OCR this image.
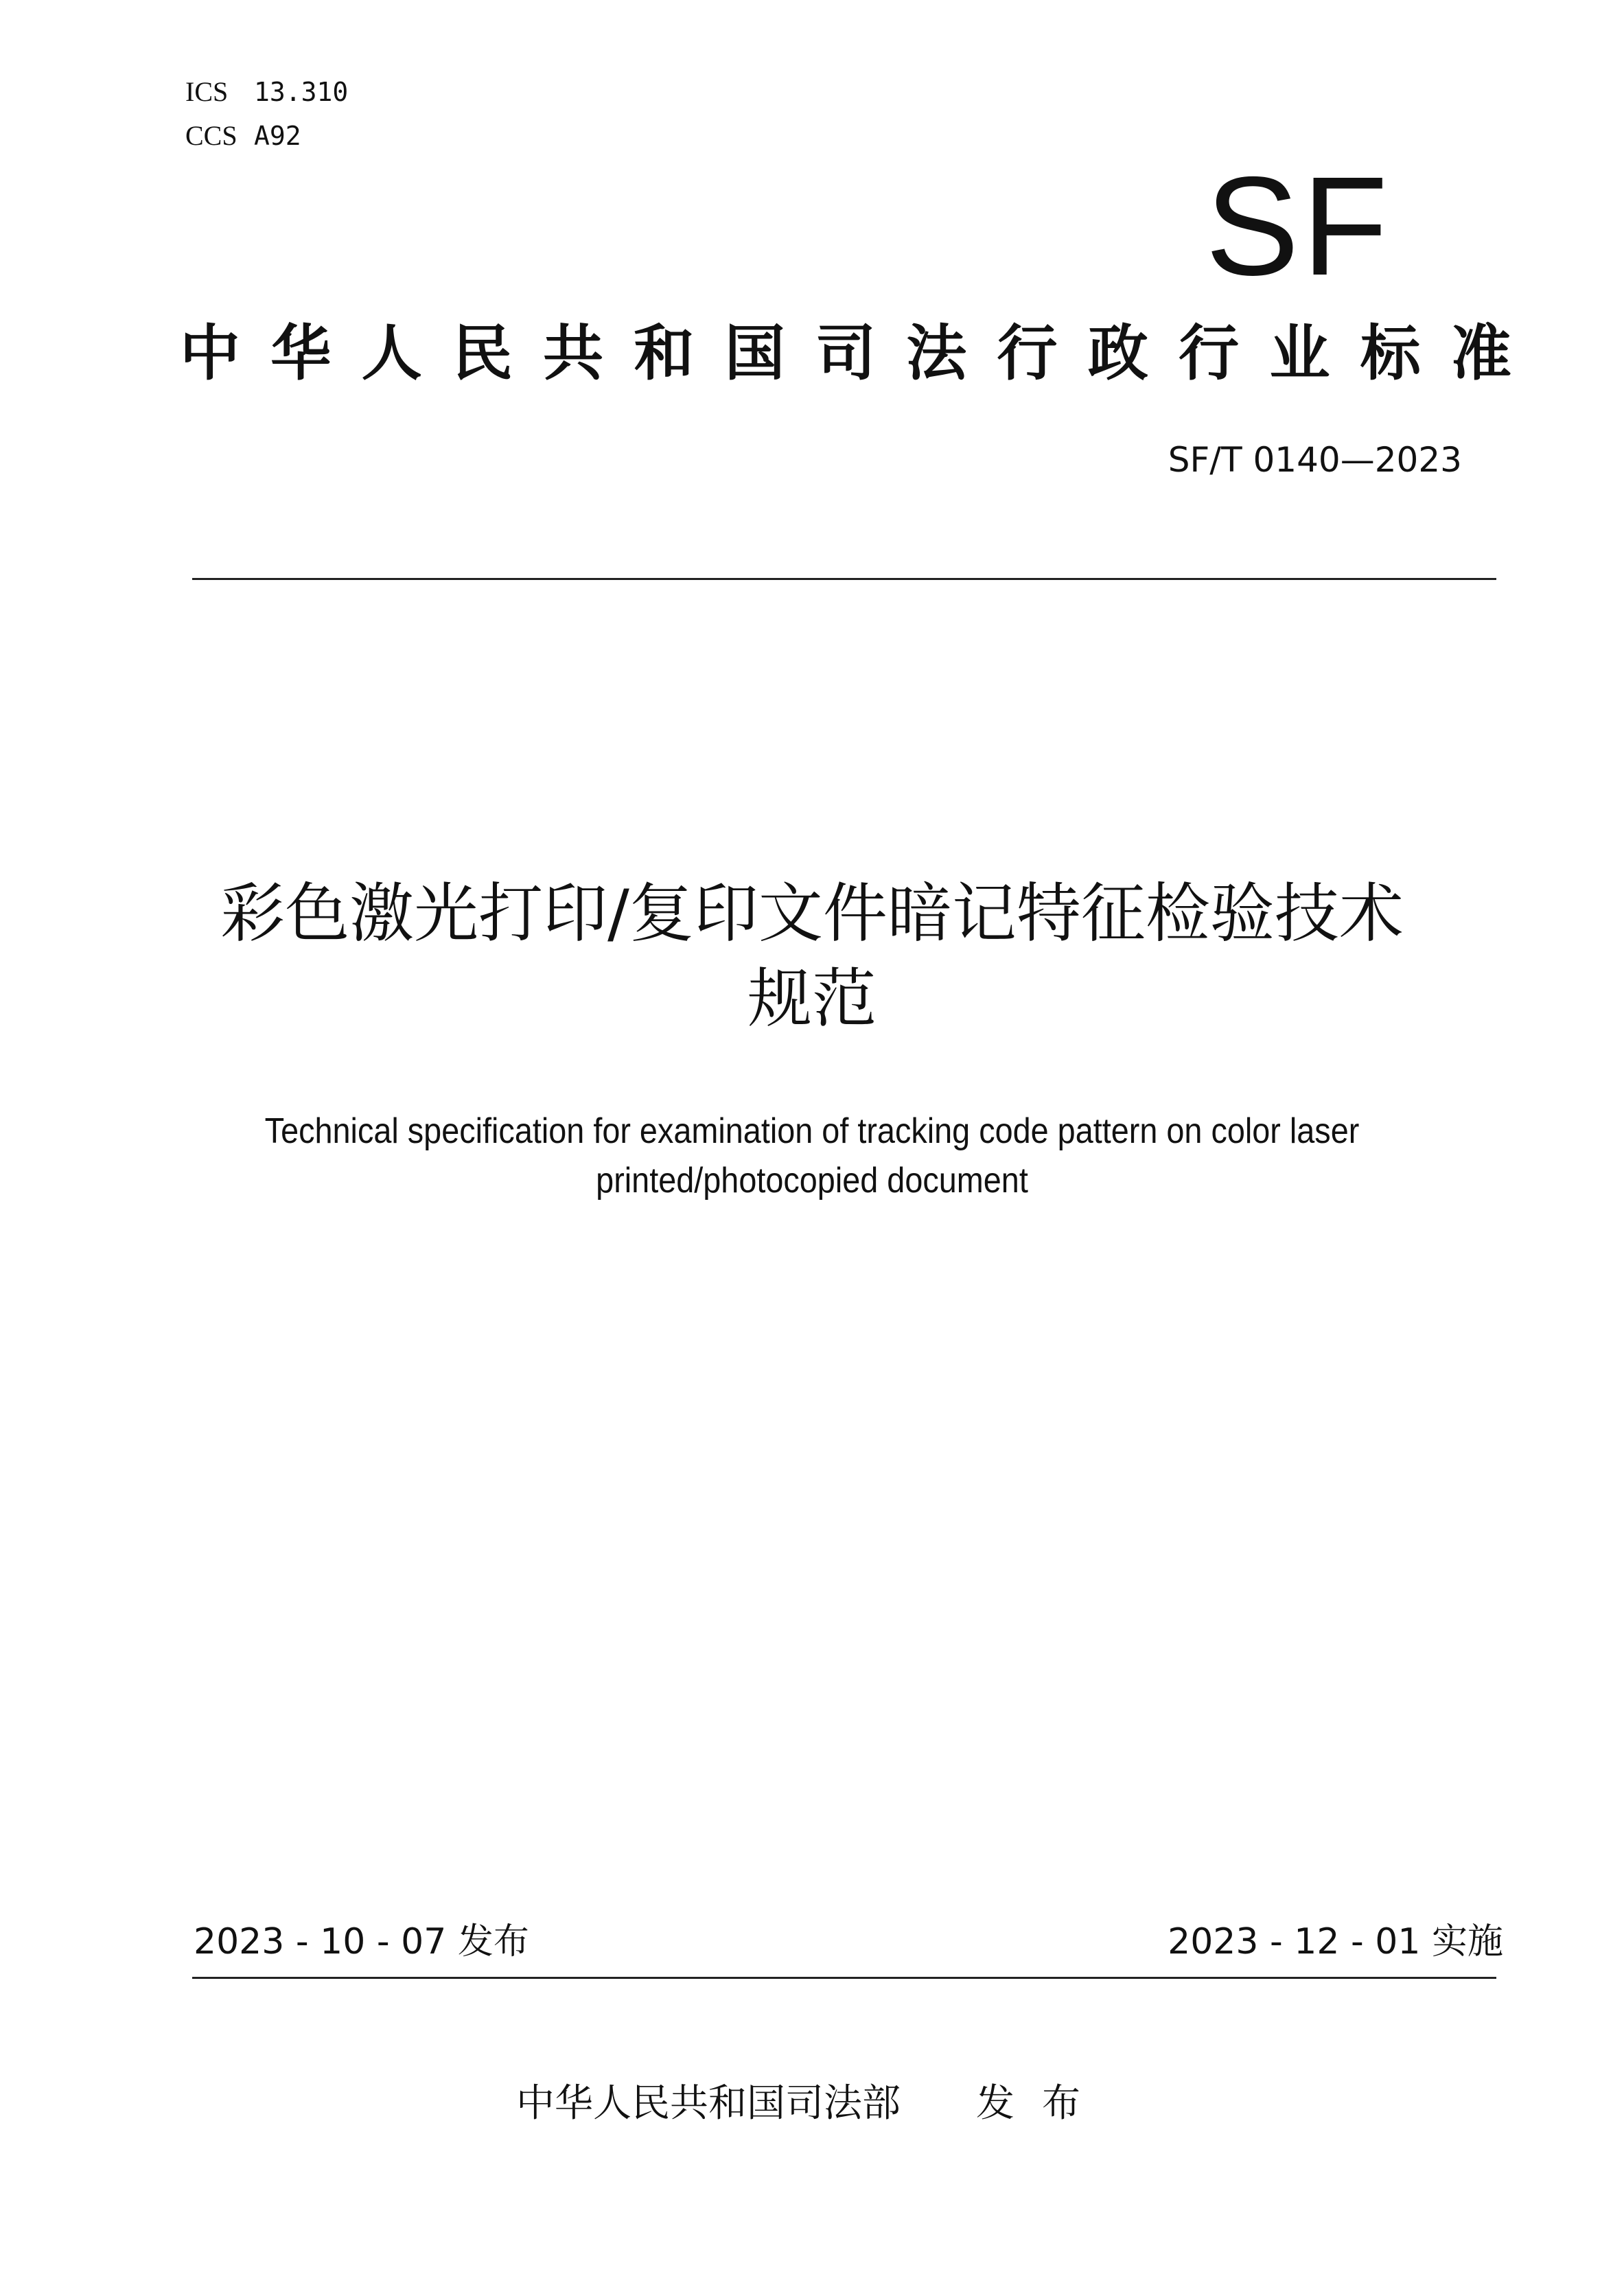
ICS 13.310
CCS A92
SF
中华人民共和国司法行政行业标准
SF/T 0140—2023
彩色激光打印/复印文件暗记特征检验技术
规范
Technical specification for examination of tracking code pattern on color laser
printed/photocopied document
2023 - 10 - 07 发布	2023 - 12 - 01 实施
中华人民共和国司法部 发布
